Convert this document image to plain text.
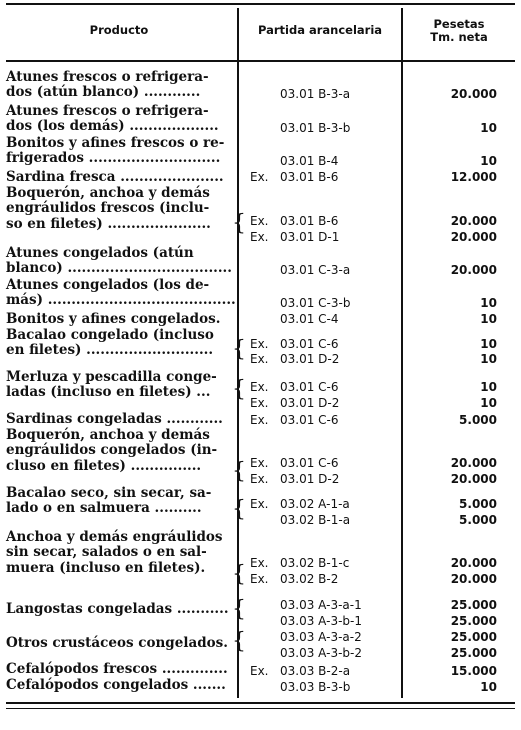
Producto	Partida arancelaria	Pesetas
Tm. neta
Atunes frescos o refrigera-
dos (atún blanco) ............
Atunes frescos o refrigera-
dos (los demás) ...................
Bonitos y afines frescos o re-
frigerados ............................
Sardina fresca ......................
Boquerón, anchoa y demás
engráulidos frescos (inclu-
so en filetes) ......................
Atunes congelados (atún
blanco) ...................................
Atunes congelados (los de-
más) ........................................
Bonitos y afines congelados.
Bacalao congelado (incluso
en filetes) ...........................
Merluza y pescadilla conge-
ladas (incluso en filetes) ...
Sardinas congeladas ............
Boquerón, anchoa y demás
engráulidos congelados (in-
cluso en filetes) ...............
Bacalao seco, sin secar, sa-
lado o en salmuera ..........
Anchoa y demás engráulidos
sin secar, salados o en sal-
muera (incluso en filetes).
Langostas congeladas ...........
Otros crustáceos congelados.
Cefalópodos frescos ..............
Cefalópodos congelados .......
{
{
{
{
{
{
{
{
03.01 B-3-a
03.01 B-3-b
03.01 B-4
Ex. 03.01 B-6
Ex. 03.01 B-6
Ex. 03.01 D-1
03.01 C-3-a
03.01 C-3-b
03.01 C-4
Ex. 03.01 C-6
Ex. 03.01 D-2
Ex. 03.01 C-6
Ex. 03.01 D-2
Ex. 03.01 C-6
Ex. 03.01 C-6
Ex. 03.01 D-2
Ex. 03.02 A-1-a
03.02 B-1-a
Ex. 03.02 B-1-c
Ex. 03.02 B-2
03.03 A-3-a-1
03.03 A-3-b-1
03.03 A-3-a-2
03.03 A-3-b-2
Ex. 03.03 B-2-a
03.03 B-3-b
20.000
10
10
12.000
20.000
20.000
20.000
10
10
10
10
10
10
5.000
20.000
20.000
5.000
5.000
20.000
20.000
25.000
25.000
25.000
25.000
15.000
10
